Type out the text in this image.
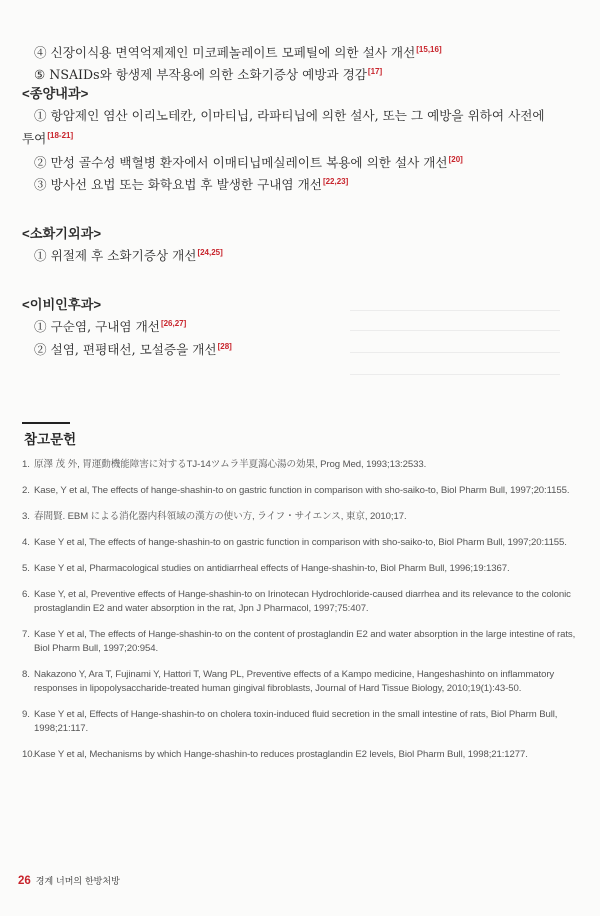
④ 신장이식용 면역억제제인 미코페놀레이트 모페틸에 의한 설사 개선[15,16]
⑤ NSAIDs와 항생제 부작용에 의한 소화기증상 예방과 경감[17]
<종양내과>
① 항암제인 염산 이리노테칸, 이마티닙, 라파티닙에 의한 설사, 또는 그 예방을 위하여 사전에
투여[18-21]
② 만성 골수성 백혈병 환자에서 이매티닙메실레이트 복용에 의한 설사 개선[20]
③ 방사선 요법 또는 화학요법 후 발생한 구내염 개선[22,23]
<소화기외과>
① 위절제 후 소화기증상 개선[24,25]
<이비인후과>
① 구순염, 구내염 개선[26,27]
② 설염, 편평태선, 모설증을 개선[28]
참고문헌
1. 原澤 茂 外, 胃運動機能障害に対するTJ-14ツムラ半夏瀉心湯の効果, Prog Med, 1993;13:2533.
2. Kase, Y et al, The effects of hange-shashin-to on gastric function in comparison with sho-saiko-to, Biol Pharm Bull, 1997;20:1155.
3. 春間賢. EBM による消化器内科領域の漢方の使い方, ライフ・サイエンス, 東京, 2010;17.
4. Kase Y et al, The effects of hange-shashin-to on gastric function in comparison with sho-saiko-to, Biol Pharm Bull, 1997;20:1155.
5. Kase Y et al, Pharmacological studies on antidiarrheal effects of Hange-shashin-to, Biol Pharm Bull, 1996;19:1367.
6. Kase Y, et al, Preventive effects of Hange-shashin-to on Irinotecan Hydrochloride-caused diarrhea and its relevance to the colonic prostaglandin E2 and water absorption in the rat, Jpn J Pharmacol, 1997;75:407.
7. Kase Y et al, The effects of Hange-shashin-to on the content of prostaglandin E2 and water absorption in the large intestine of rats, Biol Pharm Bull, 1997;20:954.
8. Nakazono Y, Ara T, Fujinami Y, Hattori T, Wang PL, Preventive effects of a Kampo medicine, Hangeshashinto on inflammatory responses in lipopolysaccharide-treated human gingival fibroblasts, Journal of Hard Tissue Biology, 2010;19(1):43-50.
9. Kase Y et al, Effects of Hange-shashin-to on cholera toxin-induced fluid secretion in the small intestine of rats, Biol Pharm Bull, 1998;21:117.
10.
Kase Y et al, Mechanisms by which Hange-shashin-to reduces prostaglandin E2 levels, Biol Pharm Bull, 1998;21:1277.
26 경계 너머의 한방처방
